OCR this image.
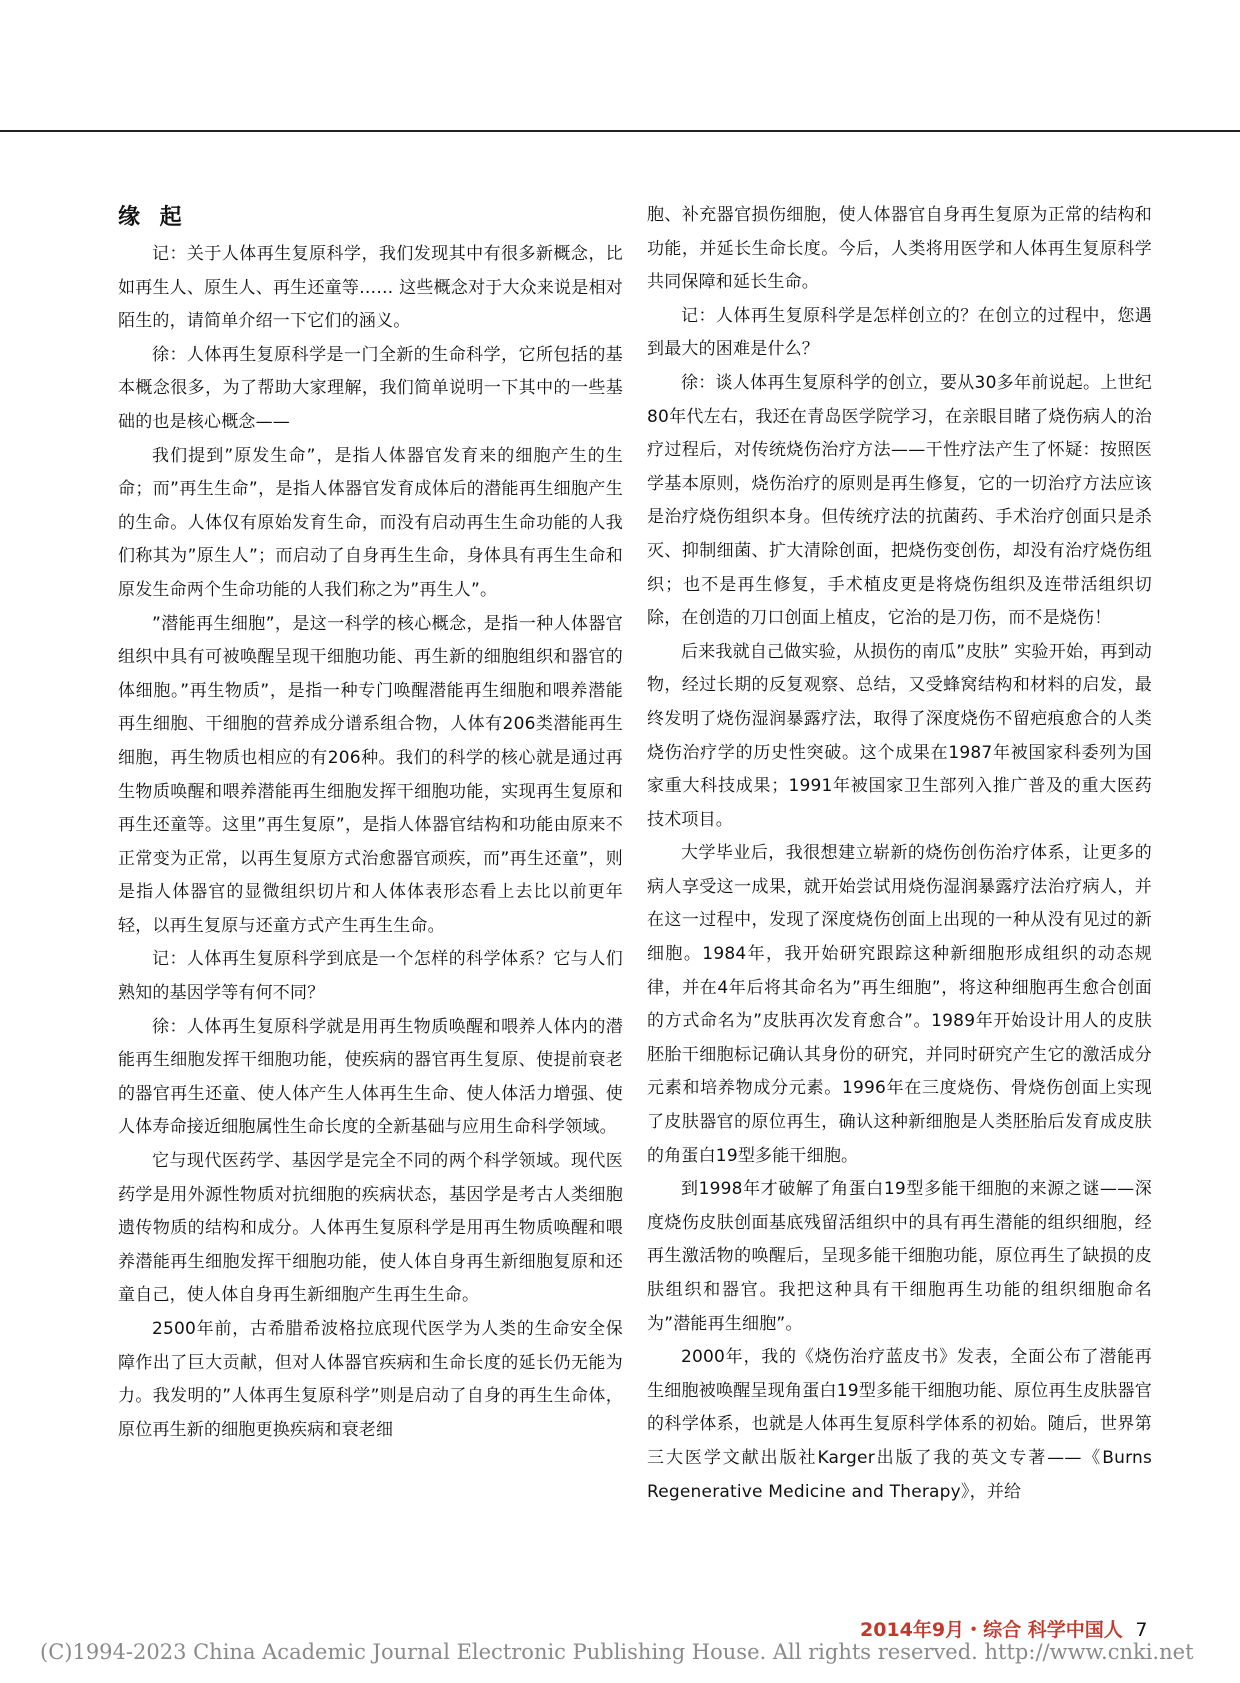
缘 起

记：关于人体再生复原科学，我们发现其中有很多新概念，比如再生人、原生人、再生还童等…… 这些概念对于大众来说是相对陌生的，请简单介绍一下它们的涵义。

徐：人体再生复原科学是一门全新的生命科学，它所包括的基本概念很多，为了帮助大家理解，我们简单说明一下其中的一些基础的也是核心概念——

我们提到”原发生命”，是指人体器官发育来的细胞产生的生命；而”再生生命”，是指人体器官发育成体后的潜能再生细胞产生的生命。人体仅有原始发育生命，而没有启动再生生命功能的人我们称其为”原生人”；而启动了自身再生生命，身体具有再生生命和原发生命两个生命功能的人我们称之为”再生人”。

”潜能再生细胞”，是这一科学的核心概念，是指一种人体器官组织中具有可被唤醒呈现干细胞功能、再生新的细胞组织和器官的体细胞。”再生物质”，是指一种专门唤醒潜能再生细胞和喂养潜能再生细胞、干细胞的营养成分谱系组合物，人体有206类潜能再生细胞，再生物质也相应的有206种。我们的科学的核心就是通过再生物质唤醒和喂养潜能再生细胞发挥干细胞功能，实现再生复原和再生还童等。这里”再生复原”，是指人体器官结构和功能由原来不正常变为正常，以再生复原方式治愈器官顽疾，而”再生还童”，则是指人体器官的显微组织切片和人体体表形态看上去比以前更年轻，以再生复原与还童方式产生再生生命。

记：人体再生复原科学到底是一个怎样的科学体系？它与人们熟知的基因学等有何不同？

徐：人体再生复原科学就是用再生物质唤醒和喂养人体内的潜能再生细胞发挥干细胞功能，使疾病的器官再生复原、使提前衰老的器官再生还童、使人体产生人体再生生命、使人体活力增强、使人体寿命接近细胞属性生命长度的全新基础与应用生命科学领域。

它与现代医药学、基因学是完全不同的两个科学领域。现代医药学是用外源性物质对抗细胞的疾病状态，基因学是考古人类细胞遗传物质的结构和成分。人体再生复原科学是用再生物质唤醒和喂养潜能再生细胞发挥干细胞功能，使人体自身再生新细胞复原和还童自己，使人体自身再生新细胞产生再生生命。

2500年前，古希腊希波格拉底现代医学为人类的生命安全保障作出了巨大贡献，但对人体器官疾病和生命长度的延长仍无能为力。我发明的”人体再生复原科学”则是启动了自身的再生生命体，原位再生新的细胞更换疾病和衰老细

胞、补充器官损伤细胞，使人体器官自身再生复原为正常的结构和功能，并延长生命长度。今后，人类将用医学和人体再生复原科学共同保障和延长生命。

记：人体再生复原科学是怎样创立的？在创立的过程中，您遇到最大的困难是什么？

徐：谈人体再生复原科学的创立，要从30多年前说起。上世纪80年代左右，我还在青岛医学院学习，在亲眼目睹了烧伤病人的治疗过程后，对传统烧伤治疗方法——干性疗法产生了怀疑：按照医学基本原则，烧伤治疗的原则是再生修复，它的一切治疗方法应该是治疗烧伤组织本身。但传统疗法的抗菌药、手术治疗创面只是杀灭、抑制细菌、扩大清除创面，把烧伤变创伤，却没有治疗烧伤组织；也不是再生修复，手术植皮更是将烧伤组织及连带活组织切除，在创造的刀口创面上植皮，它治的是刀伤，而不是烧伤！

后来我就自己做实验，从损伤的南瓜”皮肤” 实验开始，再到动物，经过长期的反复观察、总结，又受蜂窝结构和材料的启发，最终发明了烧伤湿润暴露疗法，取得了深度烧伤不留疤痕愈合的人类烧伤治疗学的历史性突破。这个成果在1987年被国家科委列为国家重大科技成果；1991年被国家卫生部列入推广普及的重大医药技术项目。

大学毕业后，我很想建立崭新的烧伤创伤治疗体系，让更多的病人享受这一成果，就开始尝试用烧伤湿润暴露疗法治疗病人，并在这一过程中，发现了深度烧伤创面上出现的一种从没有见过的新细胞。1984年，我开始研究跟踪这种新细胞形成组织的动态规律，并在4年后将其命名为”再生细胞”，将这种细胞再生愈合创面的方式命名为”皮肤再次发育愈合”。1989年开始设计用人的皮肤胚胎干细胞标记确认其身份的研究，并同时研究产生它的激活成分元素和培养物成分元素。1996年在三度烧伤、骨烧伤创面上实现了皮肤器官的原位再生，确认这种新细胞是人类胚胎后发育成皮肤的角蛋白19型多能干细胞。

到1998年才破解了角蛋白19型多能干细胞的来源之谜——深度烧伤皮肤创面基底残留活组织中的具有再生潜能的组织细胞，经再生激活物的唤醒后，呈现多能干细胞功能，原位再生了缺损的皮肤组织和器官。我把这种具有干细胞再生功能的组织细胞命名为”潜能再生细胞”。

2000年，我的《烧伤治疗蓝皮书》发表，全面公布了潜能再生细胞被唤醒呈现角蛋白19型多能干细胞功能、原位再生皮肤器官的科学体系，也就是人体再生复原科学体系的初始。随后，世界第三大医学文献出版社Karger出版了我的英文专著——《Burns Regenerative Medicine and Therapy》，并给

2014年9月・综合 科学中国人 7
(C)1994-2023 China Academic Journal Electronic Publishing House. All rights reserved. http://www.cnki.net
